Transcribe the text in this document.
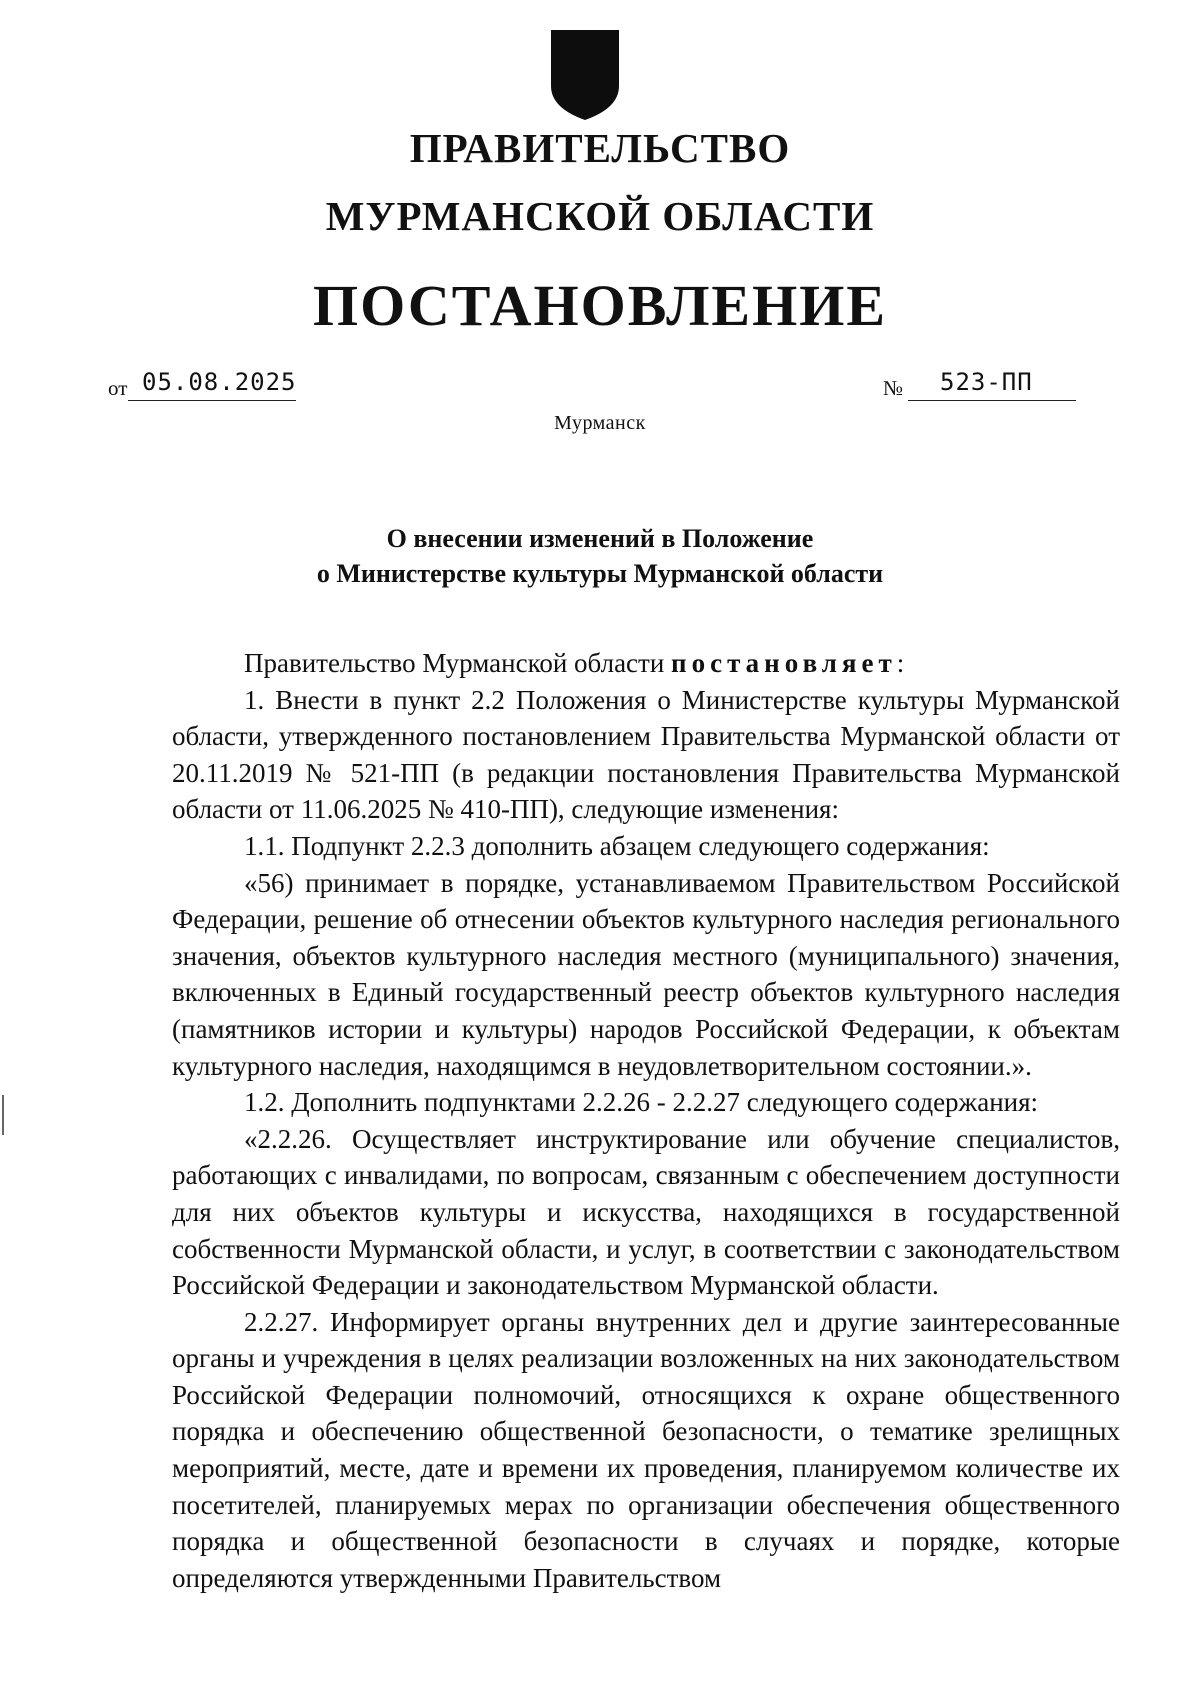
ПРАВИТЕЛЬСТВО
МУРМАНСКОЙ ОБЛАСТИ
ПОСТАНОВЛЕНИЕ
от 05.08.2025	№ 523-ПП
Мурманск
О внесении изменений в Положение
о Министерстве культуры Мурманской области

Правительство Мурманской области постановляет:

1. Внести в пункт 2.2 Положения о Министерстве культуры Мурманской области, утвержденного постановлением Правительства Мурманской области от 20.11.2019 № 521-ПП (в редакции постановления Правительства Мурманской области от 11.06.2025 № 410-ПП), следующие изменения:

1.1. Подпункт 2.2.3 дополнить абзацем следующего содержания:

«56) принимает в порядке, устанавливаемом Правительством Российской Федерации, решение об отнесении объектов культурного наследия регионального значения, объектов культурного наследия местного (муниципального) значения, включенных в Единый государственный реестр объектов культурного наследия (памятников истории и культуры) народов Российской Федерации, к объектам культурного наследия, находящимся в неудовлетворительном состоянии.».

1.2. Дополнить подпунктами 2.2.26 - 2.2.27 следующего содержания:

«2.2.26. Осуществляет инструктирование или обучение специалистов, работающих с инвалидами, по вопросам, связанным с обеспечением доступности для них объектов культуры и искусства, находящихся в государственной собственности Мурманской области, и услуг, в соответствии с законодательством Российской Федерации и законодательством Мурманской области.

2.2.27. Информирует органы внутренних дел и другие заинтересованные органы и учреждения в целях реализации возложенных на них законодательством Российской Федерации полномочий, относящихся к охране общественного порядка и обеспечению общественной безопасности, о тематике зрелищных мероприятий, месте, дате и времени их проведения, планируемом количестве их посетителей, планируемых мерах по организации обеспечения общественного порядка и общественной безопасности в случаях и порядке, которые определяются утвержденными Правительством
